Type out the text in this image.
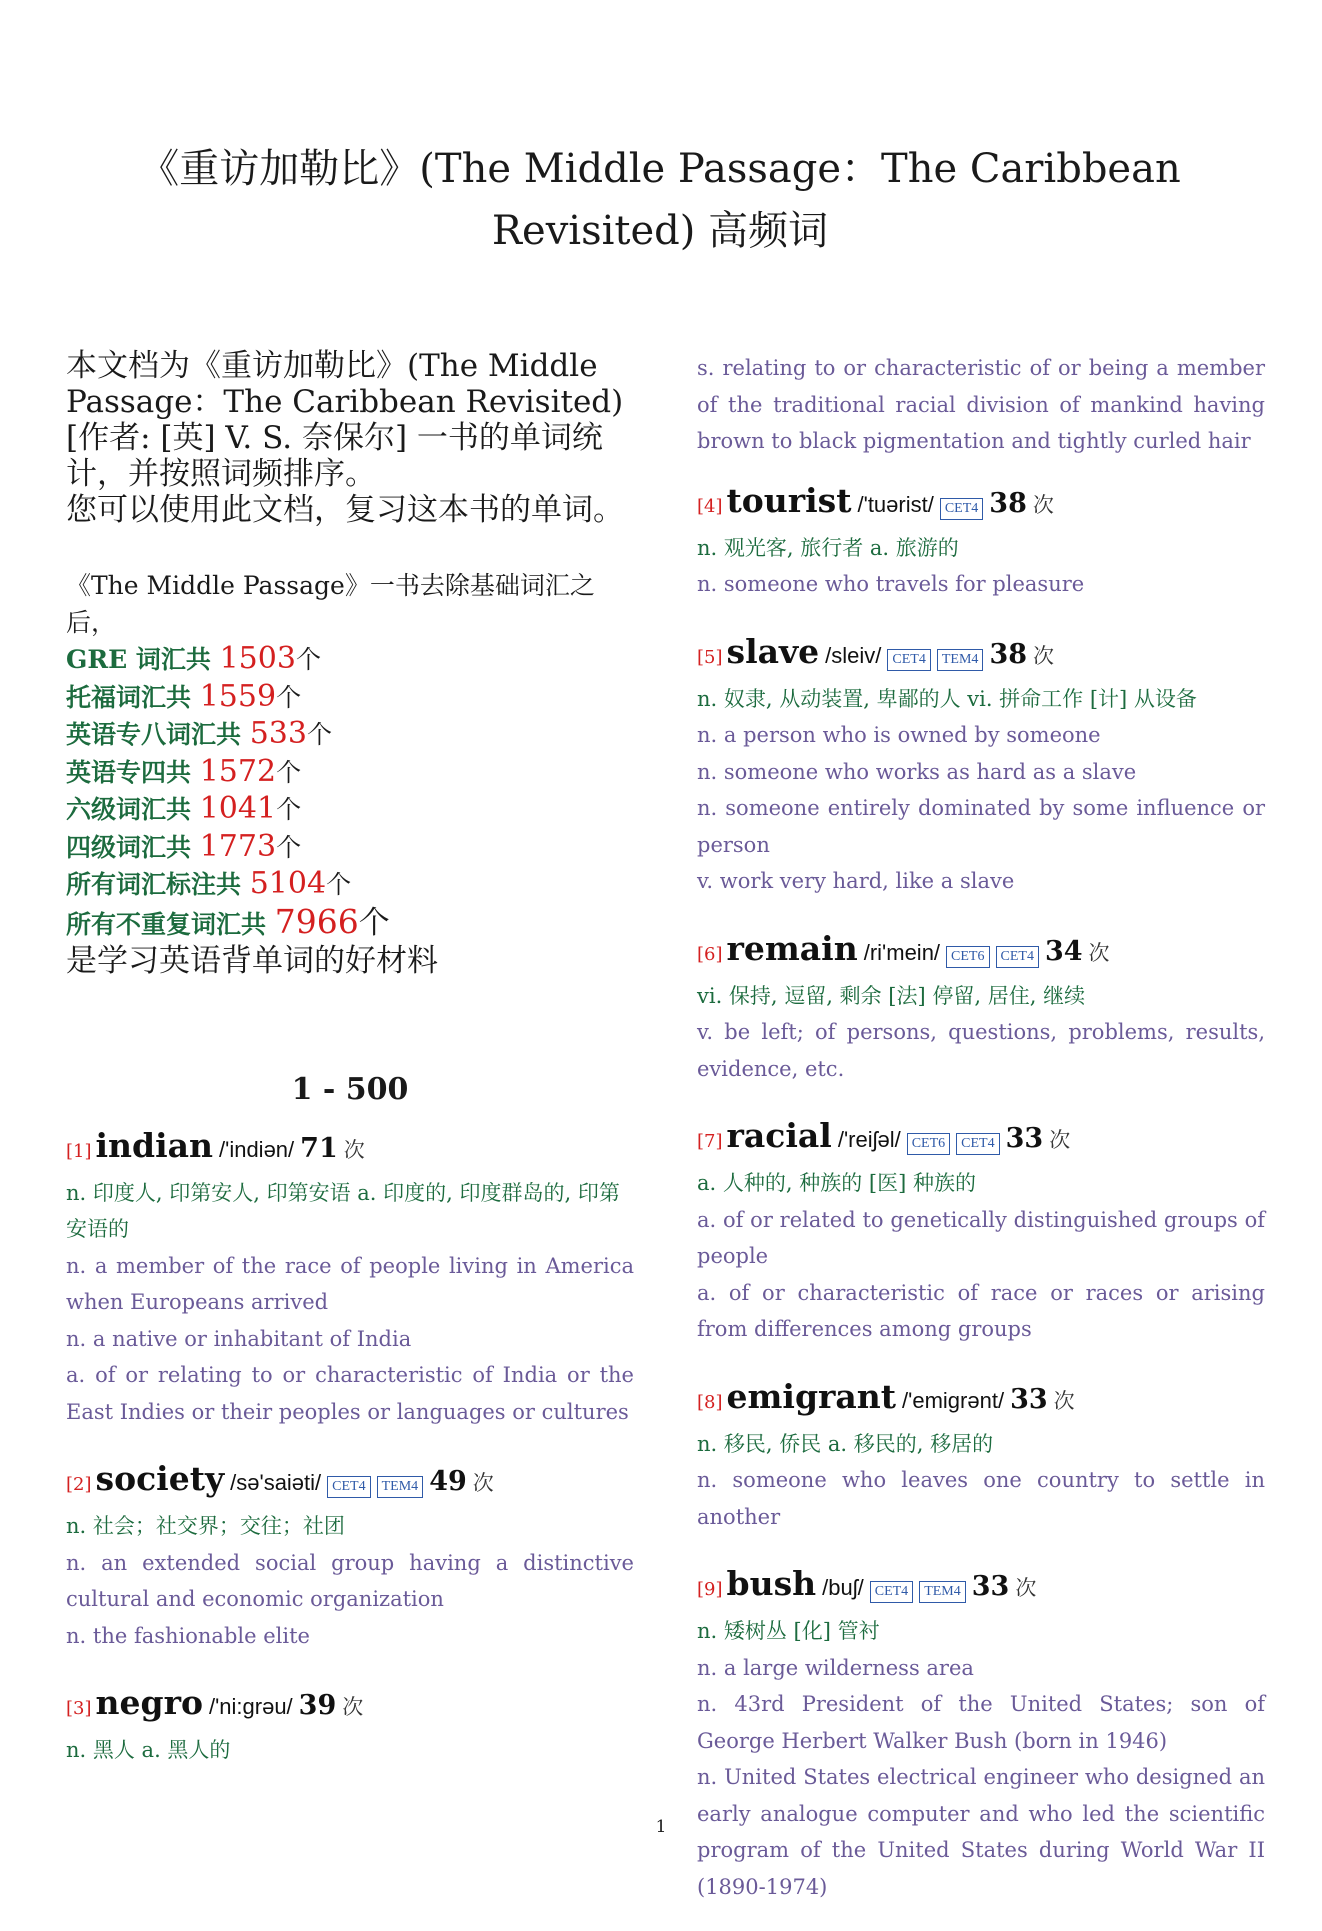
《重访加勒比》(The Middle Passage：The Caribbean Revisited) 高频词

本文档为《重访加勒比》(The Middle Passage：The Caribbean Revisited)[作者: [英] V. S. 奈保尔] 一书的单词统计，并按照词频排序。

您可以使用此文档，复习这本书的单词。

《The Middle Passage》一书去除基础词汇之后，
GRE 词汇共 1503个
托福词汇共 1559个
英语专八词汇共 533个
英语专四共 1572个
六级词汇共 1041个
四级词汇共 1773个
所有词汇标注共 5104个
所有不重复词汇共 7966个
是学习英语背单词的好材料
1 - 500
[1] indian /'indiən/ 71 次

n. 印度人, 印第安人, 印第安语 a. 印度的, 印度群岛的, 印第安语的

n. a member of the race of people living in America when Europeans arrived

n. a native or inhabitant of India

a. of or relating to or characteristic of India or the East Indies or their peoples or languages or cultures

[2] society /sə'saiəti/ CET4	TEM4 49 次

n. 社会；社交界；交往；社团

n. an extended social group having a distinctive cultural and economic organization

n. the fashionable elite

[3] negro /'ni:grəu/ 39 次

n. 黑人 a. 黑人的

s. relating to or characteristic of or being a member of the traditional racial division of mankind having brown to black pigmentation and tightly curled hair

[4] tourist /'tuərist/ CET4 38 次

n. 观光客, 旅行者 a. 旅游的

n. someone who travels for pleasure

[5] slave /sleiv/ CET4	TEM4 38 次

n. 奴隶, 从动装置, 卑鄙的人 vi. 拼命工作 [计] 从设备

n. a person who is owned by someone

n. someone who works as hard as a slave

n. someone entirely dominated by some influence or person

v. work very hard, like a slave

[6] remain /ri'mein/ CET6	CET4 34 次

vi. 保持, 逗留, 剩余 [法] 停留, 居住, 继续

v. be left; of persons, questions, problems, results, evidence, etc.

[7] racial /'reiʃəl/ CET6	CET4 33 次

a. 人种的, 种族的 [医] 种族的

a. of or related to genetically distinguished groups of people

a. of or characteristic of race or races or arising from differences among groups

[8] emigrant /'emigrənt/ 33 次

n. 移民, 侨民 a. 移民的, 移居的

n. someone who leaves one country to settle in another

[9] bush /buʃ/ CET4	TEM4 33 次

n. 矮树丛 [化] 管衬

n. a large wilderness area

n. 43rd President of the United States; son of George Herbert Walker Bush (born in 1946)

n. United States electrical engineer who designed an early analogue computer and who led the scientific program of the United States during World War II (1890-1974)

1
